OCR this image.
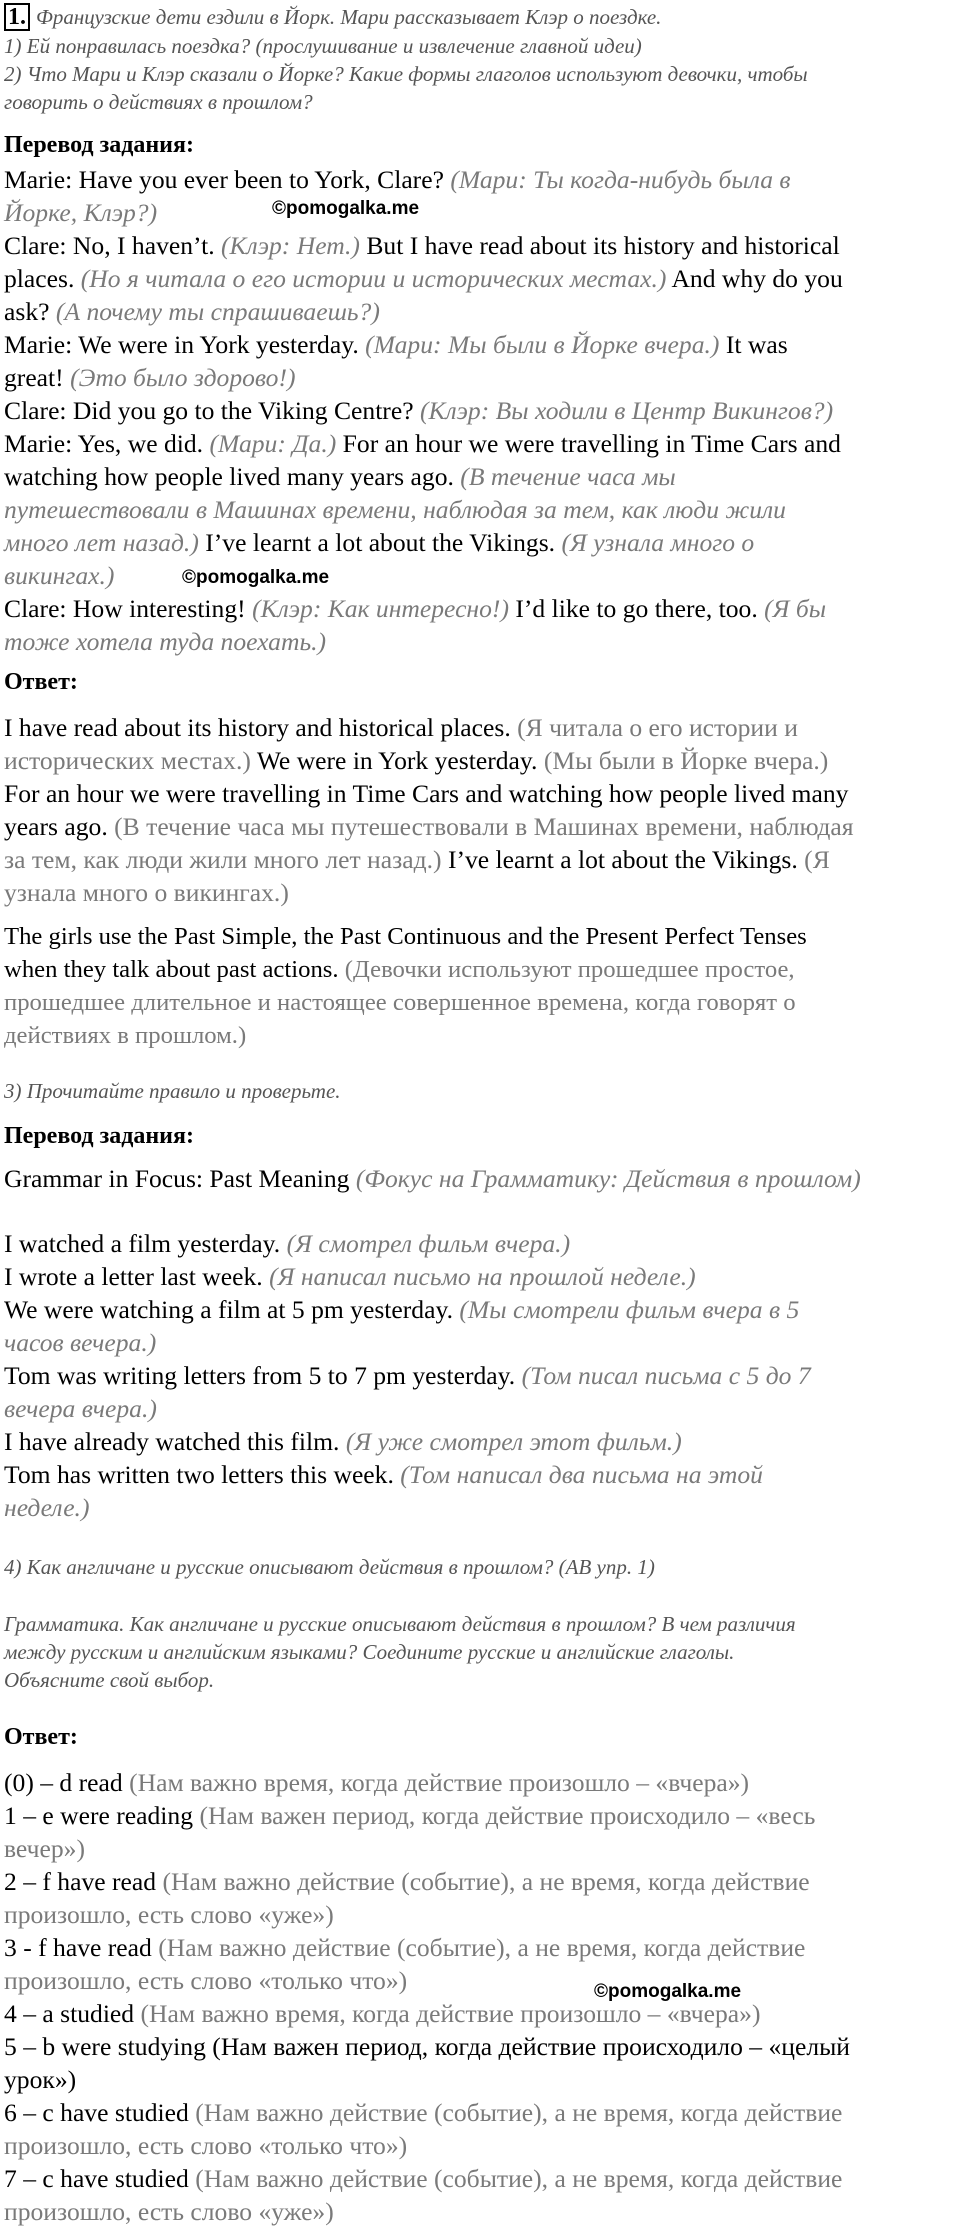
1. Французские дети ездили в Йорк. Мари рассказывает Клэр о поездке.
1) Ей понравилась поездка? (прослушивание и извлечение главной идеи)
2) Что Мари и Клэр сказали о Йорке? Какие формы глаголов используют девочки, чтобы
говорить о действиях в прошлом?
Перевод задания:
Marie: Have you ever been to York, Clare? (Мари: Ты когда-нибудь была в
Йорке, Клэр?)
Clare: No, I haven’t. (Клэр: Нет.) But I have read about its history and historical
places. (Но я читала о его истории и исторических местах.) And why do you
ask? (А почему ты спрашиваешь?)
Marie: We were in York yesterday. (Мари: Мы были в Йорке вчера.) It was
great! (Это было здорово!)
Clare: Did you go to the Viking Centre? (Клэр: Вы ходили в Центр Викингов?)
Marie: Yes, we did. (Мари: Да.) For an hour we were travelling in Time Cars and
watching how people lived many years ago. (В течение часа мы
путешествовали в Машинах времени, наблюдая за тем, как люди жили
много лет назад.) I’ve learnt a lot about the Vikings. (Я узнала много о
викингах.)
Clare: How interesting! (Клэр: Как интересно!) I’d like to go there, too. (Я бы
тоже хотела туда поехать.)
©pomogalka.me
©pomogalka.me
©pomogalka.me
Ответ:
I have read about its history and historical places. (Я читала о его истории и
исторических местах.) We were in York yesterday. (Мы были в Йорке вчера.)
For an hour we were travelling in Time Cars and watching how people lived many
years ago. (В течение часа мы путешествовали в Машинах времени, наблюдая
за тем, как люди жили много лет назад.) I’ve learnt a lot about the Vikings. (Я
узнала много о викингах.)
The girls use the Past Simple, the Past Continuous and the Present Perfect Tenses
when they talk about past actions. (Девочки используют прошедшее простое,
прошедшее длительное и настоящее совершенное времена, когда говорят о
действиях в прошлом.)
3) Прочитайте правило и проверьте.
Перевод задания:
Grammar in Focus: Past Meaning (Фокус на Грамматику: Действия в прошлом)
I watched a film yesterday. (Я смотрел фильм вчера.)
I wrote a letter last week. (Я написал письмо на прошлой неделе.)
We were watching a film at 5 pm yesterday. (Мы смотрели фильм вчера в 5
часов вечера.)
Tom was writing letters from 5 to 7 pm yesterday. (Том писал письма с 5 до 7
вечера вчера.)
I have already watched this film. (Я уже смотрел этот фильм.)
Tom has written two letters this week. (Том написал два письма на этой
неделе.)
4) Как англичане и русские описывают действия в прошлом? (AB упр. 1)
Грамматика. Как англичане и русские описывают действия в прошлом? В чем различия
между русским и английским языками? Соедините русские и английские глаголы.
Объясните свой выбор.
Ответ:
(0) – d read (Нам важно время, когда действие произошло – «вчера»)
1 – e were reading (Нам важен период, когда действие происходило – «весь
вечер»)
2 – f have read (Нам важно действие (событие), а не время, когда действие
произошло, есть слово «уже»)
3 - f have read (Нам важно действие (событие), а не время, когда действие
произошло, есть слово «только что»)
4 – a studied (Нам важно время, когда действие произошло – «вчера»)
5 – b were studying (Нам важен период, когда действие происходило – «целый
урок»)
6 – c have studied (Нам важно действие (событие), а не время, когда действие
произошло, есть слово «только что»)
7 – c have studied (Нам важно действие (событие), а не время, когда действие
произошло, есть слово «уже»)
